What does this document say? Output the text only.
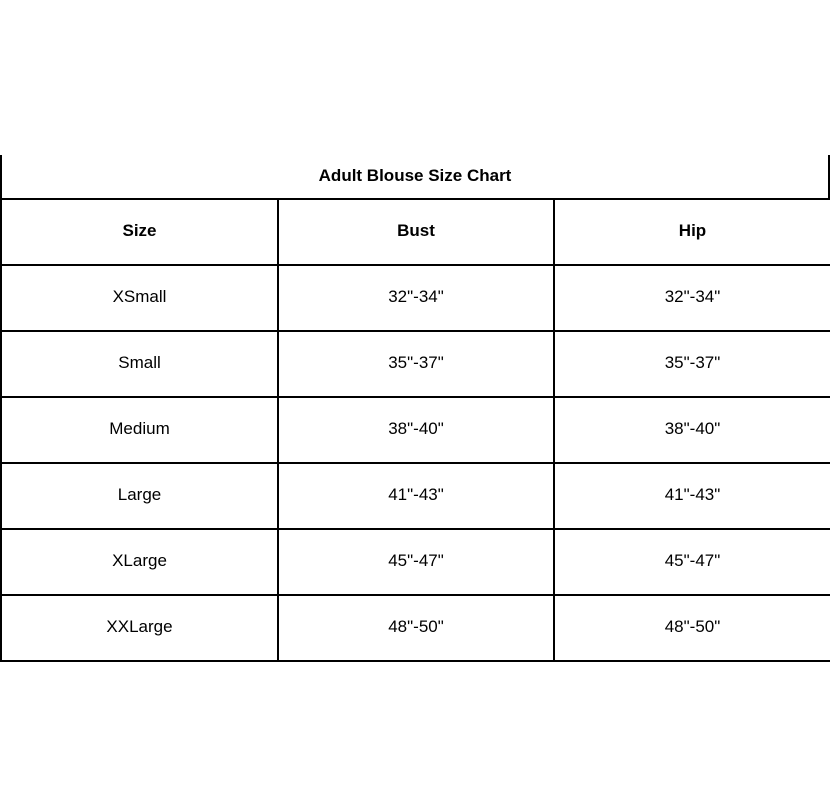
Adult Blouse Size Chart
Size	Bust	Hip
XSmall	32"-34"	32"-34"
Small	35"-37"	35"-37"
Medium	38"-40"	38"-40"
Large	41"-43"	41"-43"
XLarge	45"-47"	45"-47"
XXLarge	48"-50"	48"-50"
